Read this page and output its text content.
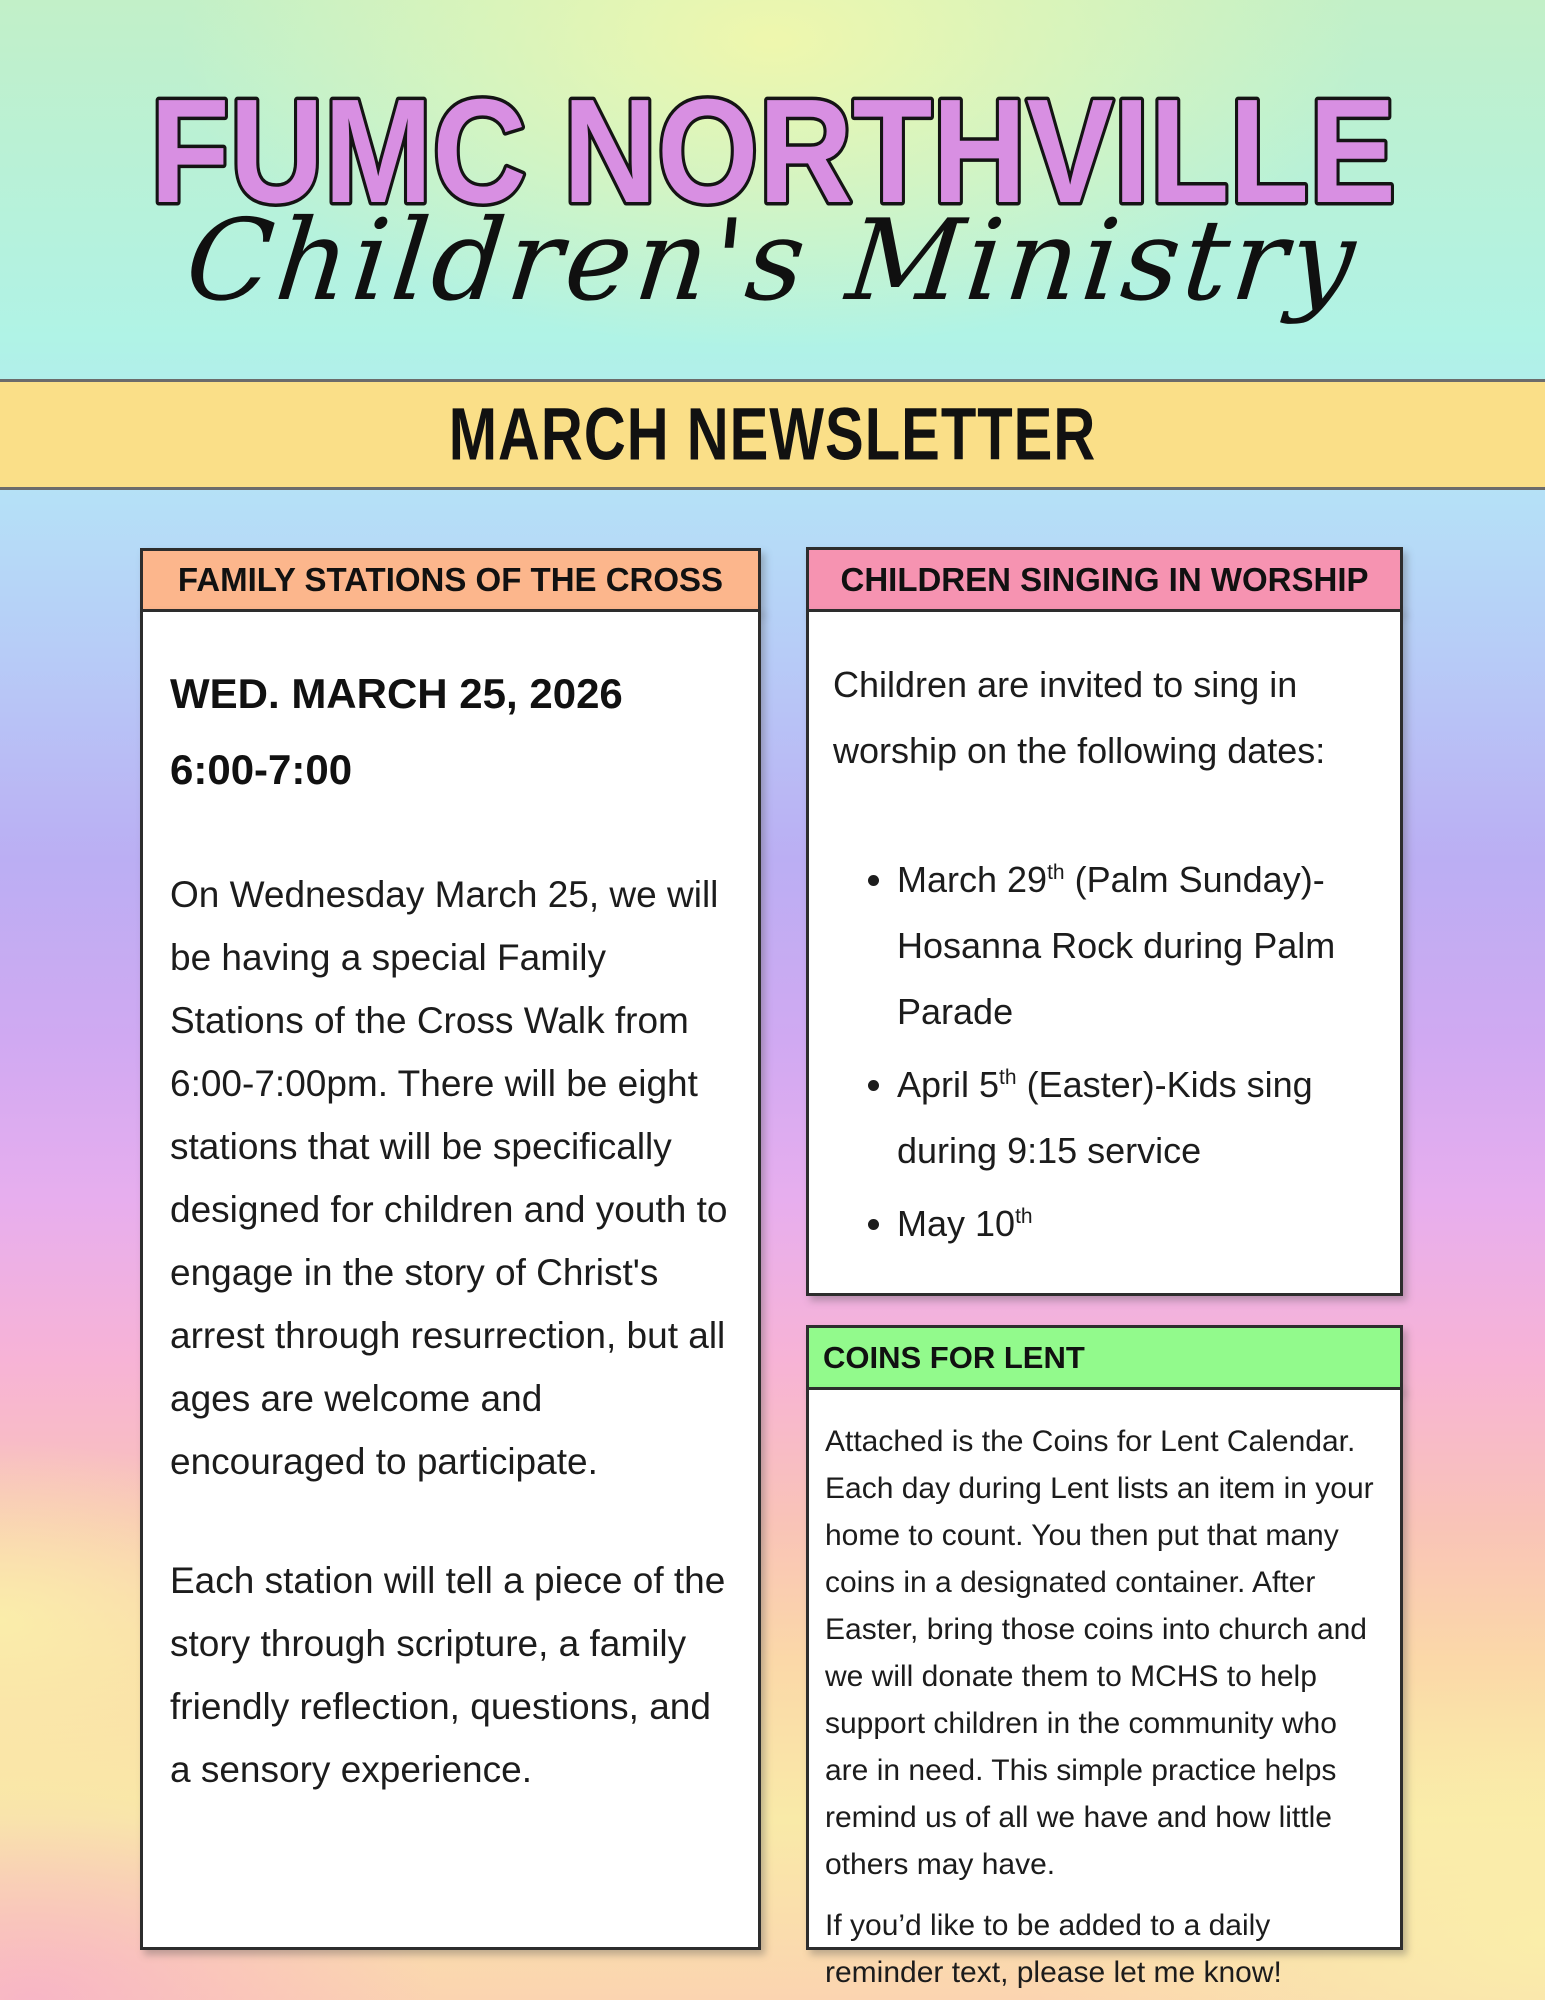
FUMC NORTHVILLE
Children's Ministry
MARCH NEWSLETTER
FAMILY STATIONS OF THE CROSS
WED. MARCH 25, 2026
6:00-7:00

On Wednesday March 25, we will be having a special Family Stations of the Cross Walk from 6:00-7:00pm. There will be eight stations that will be specifically designed for children and youth to engage in the story of Christ's arrest through resurrection, but all ages are welcome and encouraged to participate.

Each station will tell a piece of the story through scripture, a family friendly reflection, questions, and a sensory experience.

CHILDREN SINGING IN WORSHIP

Children are invited to sing in worship on the following dates:

• March 29th (Palm Sunday)-Hosanna Rock during Palm Parade
• April 5th (Easter)-Kids sing during 9:15 service
• May 10th
COINS FOR LENT

Attached is the Coins for Lent Calendar. Each day during Lent lists an item in your home to count. You then put that many coins in a designated container. After Easter, bring those coins into church and we will donate them to MCHS to help support children in the community who are in need. This simple practice helps remind us of all we have and how little others may have.

If you’d like to be added to a daily reminder text, please let me know!
